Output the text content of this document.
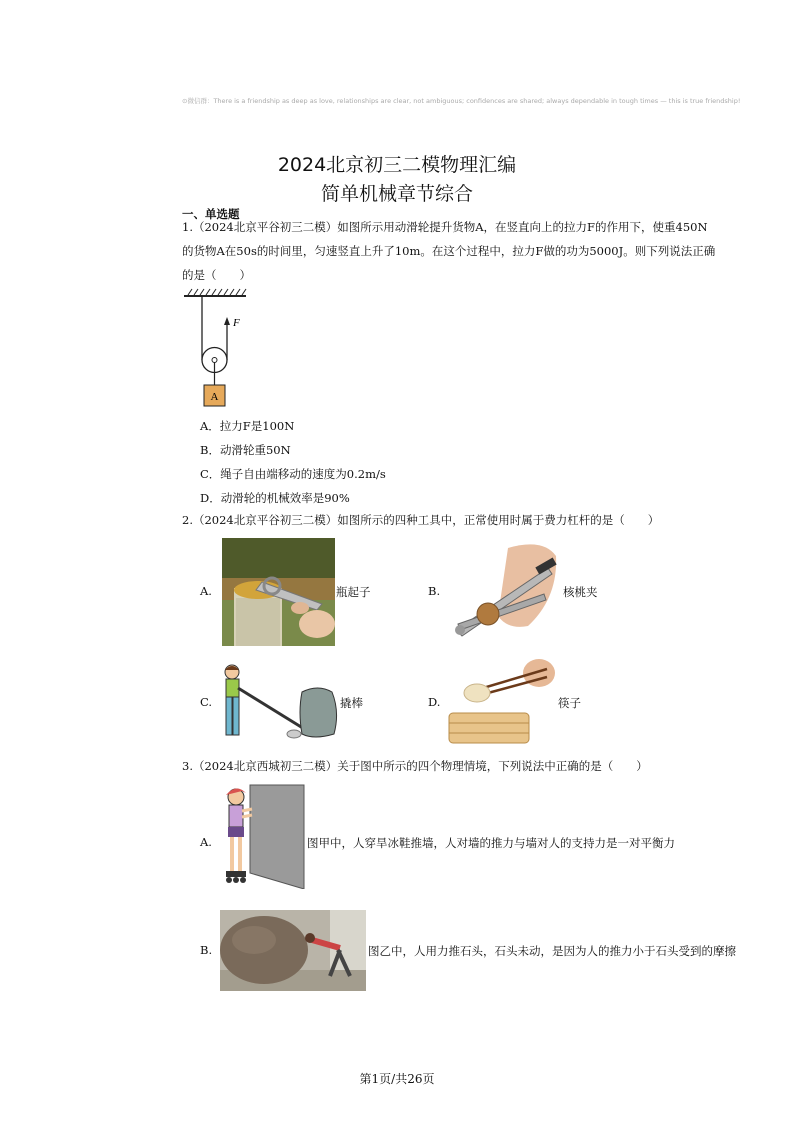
⊙微信群：There is a friendship as deep as love, relationships are clear, not ambiguous; confidences are shared; always dependable in tough times — this is true friendship!
2024北京初三二模物理汇编
简单机械章节综合
一、单选题
1.（2024北京平谷初三二模）如图所示用动滑轮提升货物A，在竖直向上的拉力F的作用下，使重450N
的货物A在50s的时间里，匀速竖直上升了10m。在这个过程中，拉力F做的功为5000J。则下列说法正确
的是（　　）
F
A
A．拉力F是100N
B．动滑轮重50N
C．绳子自由端移动的速度为0.2m/s
D．动滑轮的机械效率是90%
2.（2024北京平谷初三二模）如图所示的四种工具中，正常使用时属于费力杠杆的是（　　）
A.	瓶起子	B.	核桃夹
C.	撬棒	D.	筷子
3.（2024北京西城初三二模）关于图中所示的四个物理情境，下列说法中正确的是（　　）
A.	图甲中，人穿旱冰鞋推墙，人对墙的推力与墙对人的支持力是一对平衡力
B.	图乙中，人用力推石头，石头未动，是因为人的推力小于石头受到的摩擦
第1页/共26页
